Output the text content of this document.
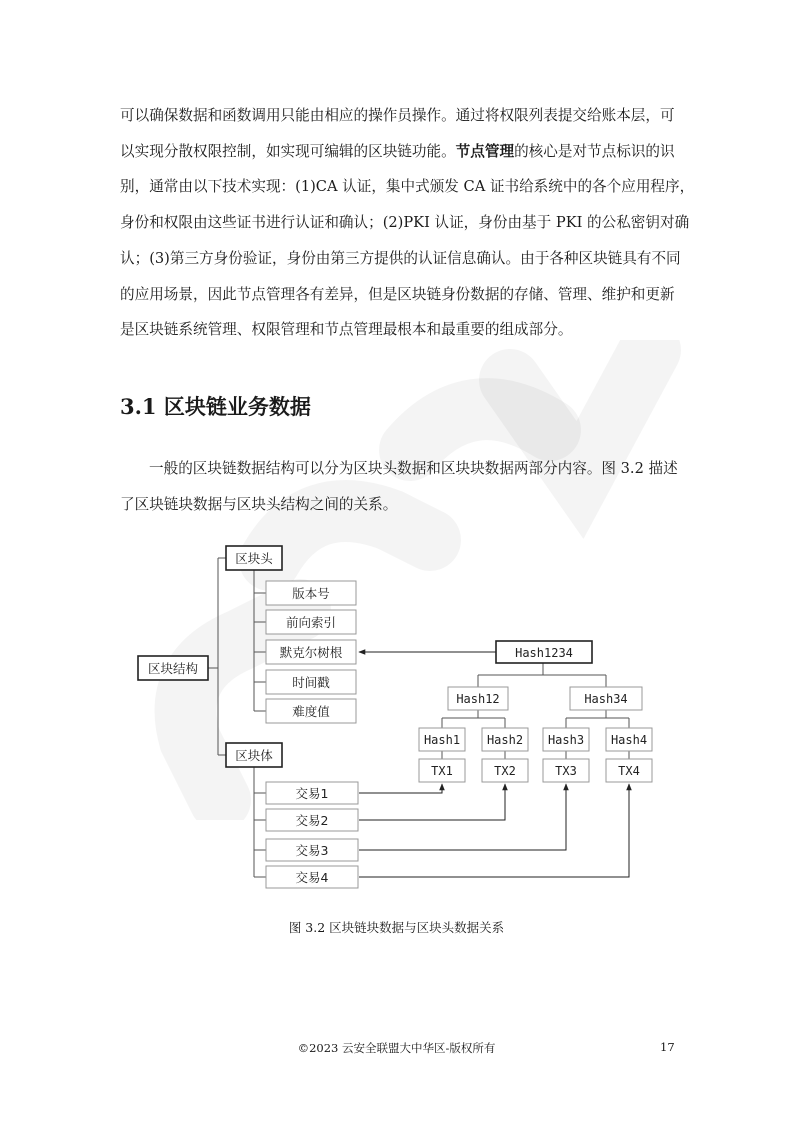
可以确保数据和函数调用只能由相应的操作员操作。通过将权限列表提交给账本层，可
以实现分散权限控制，如实现可编辑的区块链功能。节点管理的核心是对节点标识的识
别，通常由以下技术实现：(1)CA 认证，集中式颁发 CA 证书给系统中的各个应用程序，
身份和权限由这些证书进行认证和确认；(2)PKI 认证，身份由基于 PKI 的公私密钥对确
认；(3)第三方身份验证，身份由第三方提供的认证信息确认。由于各种区块链具有不同
的应用场景，因此节点管理各有差异，但是区块链身份数据的存储、管理、维护和更新
是区块链系统管理、权限管理和节点管理最根本和最重要的组成部分。

3.1 区块链业务数据

一般的区块链数据结构可以分为区块头数据和区块块数据两部分内容。图 3.2 描述
了区块链块数据与区块头结构之间的关系。

区块结构
区块头
版本号
前向索引
默克尔树根
时间戳
难度值
区块体
交易1
交易2
交易3
交易4
Hash1234
Hash12	Hash34
Hash1 Hash2 Hash3 Hash4
TX1	TX2	TX3	TX4

图 3.2 区块链块数据与区块头数据关系

©2023 云安全联盟大中华区-版权所有	17
